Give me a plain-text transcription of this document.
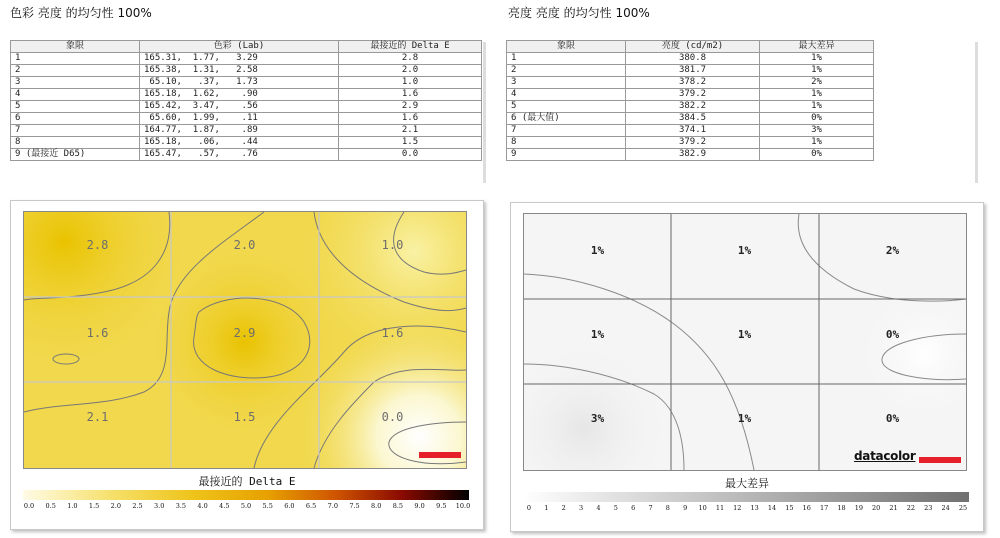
色彩 亮度 的均匀性 100%	亮度 亮度 的均匀性 100%
象限	色彩 (Lab)	最接近的 Delta E
1	165.31,  1.77,   3.29	2.8
2	165.38,  1.31,   2.58	2.0
3	65.10,   .37,   1.73	1.0
4	165.18,  1.62,    .90	1.6
5	165.42,  3.47,    .56	2.9
6	65.60,  1.99,    .11	1.6
7	164.77,  1.87,    .89	2.1
8	165.18,   .06,    .44	1.5
9 (最接近 D65)	165.47,   .57,    .76	0.0
象限	亮度 (cd/m2)	最大差异
1	380.8	1%
2	381.7	1%
3	378.2	2%
4	379.2	1%
5	382.2	1%
6 (最大值)	384.5	0%
7	374.1	3%
8	379.2	1%
9	382.9	0%
2.8	2.0	1.0
1.6	2.9	1.6
2.1	1.5	0.0
最接近的 Delta E
0.0 0.5 1.0 1.5 2.0 2.5 3.0 3.5 4.0 4.5 5.0 5.5 6.0 6.5 7.0 7.5 8.0 8.5 9.0 9.5 10.0
1%	1%	2%
1%	1%	0%
3%	1%	0%
datacolor
最大差异
0 1 2 3 4 5 6 7 8 9 10 11 12 13 14 15 16 17 18 19 20 21 22 23 24 25
